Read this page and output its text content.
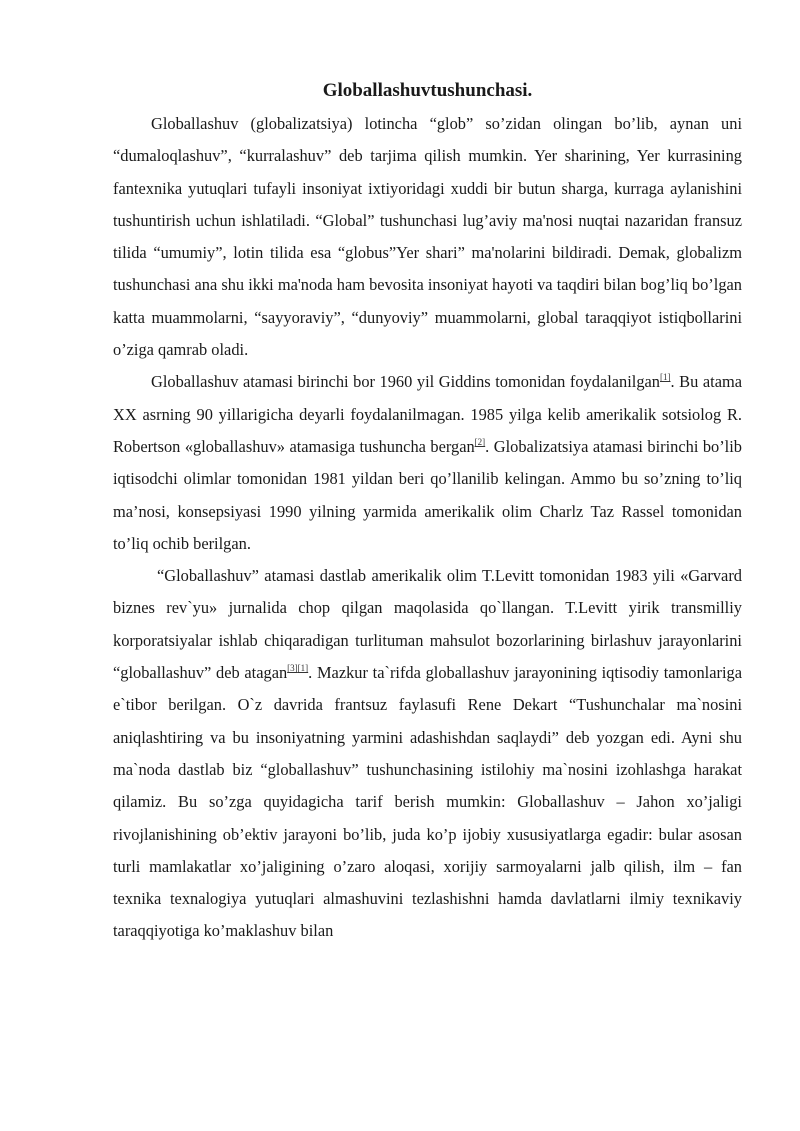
Globallashuvtushunchasi.

Globallashuv (globalizatsiya) lotincha “glob” so’zidan olingan bo’lib, aynan uni “dumaloqlashuv”, “kurralashuv” deb tarjima qilish mumkin. Yer sharining, Yer kurrasining fantexnika yutuqlari tufayli insoniyat ixtiyoridagi xuddi bir butun sharga, kurraga aylanishini tushuntirish uchun ishlatiladi. “Global” tushunchasi lug’aviy ma'nosi nuqtai nazaridan fransuz tilida “umumiy”, lotin tilida esa “globus”Yer shari” ma'nolarini bildiradi. Demak, globalizm tushunchasi ana shu ikki ma'noda ham bevosita insoniyat hayoti va taqdiri bilan bog’liq bo’lgan katta muammolarni, “sayyoraviy”, “dunyoviy” muammolarni, global taraqqiyot istiqbollarini o’ziga qamrab oladi.

Globallashuv atamasi birinchi bor 1960 yil Giddins tomonidan foydalanilgan[1]. Bu atama XX asrning 90 yillarigicha deyarli foydalanilmagan. 1985 yilga kelib amerikalik sotsiolog R. Robertson «globallashuv» atamasiga tushuncha bergan[2]. Globalizatsiya atamasi birinchi bo’lib iqtisodchi olimlar tomonidan 1981 yildan beri qo’llanilib kelingan. Ammo bu so’zning to’liq ma’nosi, konsepsiyasi 1990 yilning yarmida amerikalik olim Charlz Taz Rassel tomonidan to’liq ochib berilgan.

“Globallashuv” atamasi dastlab amerikalik olim T.Levitt tomonidan 1983 yili «Garvard biznes rev`yu» jurnalida chop qilgan maqolasida qo`llangan. T.Levitt yirik transmilliy korporatsiyalar ishlab chiqaradigan turlituman mahsulot bozorlarining birlashuv jarayonlarini “globallashuv” deb atagan[3][1]. Mazkur ta`rifda globallashuv jarayonining iqtisodiy tamonlariga e`tibor berilgan. O`z davrida frantsuz faylasufi Rene Dekart “Tushunchalar ma`nosini aniqlashtiring va bu insoniyatning yarmini adashishdan saqlaydi” deb yozgan edi. Ayni shu ma`noda dastlab biz “globallashuv” tushunchasining istilohiy ma`nosini izohlashga harakat qilamiz. Bu so’zga quyidagicha tarif berish mumkin: Globallashuv – Jahon xo’jaligi rivojlanishining ob’ektiv jarayoni bo’lib, juda ko’p ijobiy xususiyatlarga egadir: bular asosan turli mamlakatlar xo’jaligining o’zaro aloqasi, xorijiy sarmoyalarni jalb qilish, ilm – fan texnika texnalogiya yutuqlari almashuvini tezlashishni hamda davlatlarni ilmiy texnikaviy taraqqiyotiga ko’maklashuv bilan
